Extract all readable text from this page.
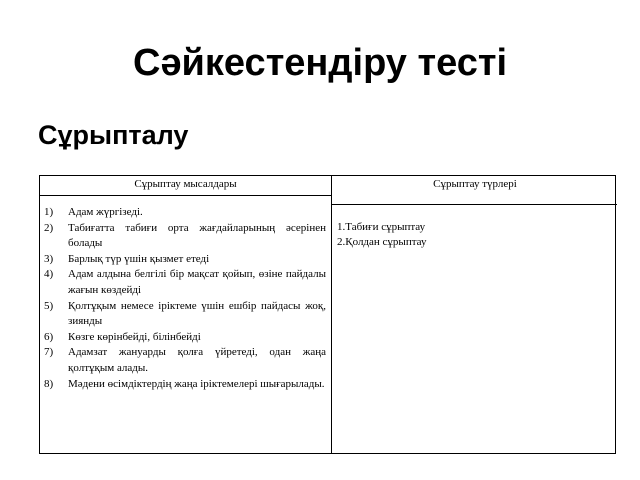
Сәйкестендіру тесті
Сұрыпталу
Сұрыптау мысалдары	Сұрыптау түрлері
1)	Адам жүргізеді.
2)	Табиғатта табиғи орта жағдайларының әсерінен болады
3)	Барлық түр үшін қызмет етеді
4)	Адам алдына белгілі бір мақсат қойып, өзіне пайдалы жағын көздейді
5)	Қолтұқым немесе іріктеме үшін ешбір пайдасы жоқ, зиянды
6)	Көзге көрінбейді, білінбейді
7)	Адамзат жануарды қолға үйретеді, одан жаңа қолтұқым алады.
8)	Мәдени өсімдіктердің жаңа іріктемелері шығарылады.
1.Табиғи сұрыптау
2.Қолдан сұрыптау
